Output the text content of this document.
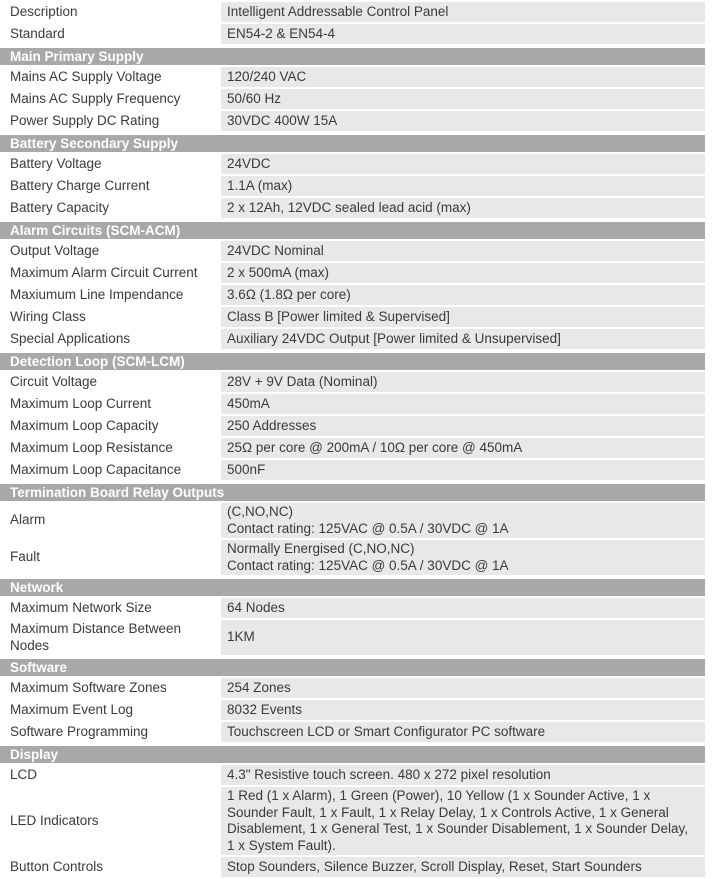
Description	Intelligent Addressable Control Panel

Standard	EN54-2 & EN54-4

Main Primary Supply	
Mains AC Supply Voltage	120/240 VAC

Mains AC Supply Frequency	50/60 Hz

Power Supply DC Rating	30VDC 400W 15A

Battery Secondary Supply	
Battery Voltage	24VDC

Battery Charge Current	1.1A (max)

Battery Capacity	2 x 12Ah, 12VDC sealed lead acid (max)

Alarm Circuits (SCM-ACM)	
Output Voltage	24VDC Nominal

Maximum Alarm Circuit Current	2 x 500mA (max)

Maxiumum Line Impendance	3.6Ω (1.8Ω per core)

Wiring Class	Class B [Power limited & Supervised]

Special Applications	Auxiliary 24VDC Output [Power limited & Unsupervised]

Detection Loop (SCM-LCM)	
Circuit Voltage	28V + 9V Data (Nominal)

Maximum Loop Current	450mA

Maximum Loop Capacity	250 Addresses

Maximum Loop Resistance	25Ω per core @ 200mA / 10Ω per core @ 450mA

Maximum Loop Capacitance	500nF

Termination Board Relay Outputs	
Alarm	(C,NO,NC)
Contact rating: 125VAC @ 0.5A / 30VDC @ 1A

Fault	Normally Energised (C,NO,NC)
Contact rating: 125VAC @ 0.5A / 30VDC @ 1A

Network	
Maximum Network Size	64 Nodes

Maximum Distance Between Nodes	1KM

Software	
Maximum Software Zones	254 Zones

Maximum Event Log	8032 Events

Software Programming	Touchscreen LCD or Smart Configurator PC software

Display	
LCD	4.3" Resistive touch screen. 480 x 272 pixel resolution

LED Indicators	1 Red (1 x Alarm), 1 Green (Power), 10 Yellow (1 x Sounder Active, 1 x Sounder Fault, 1 x Fault, 1 x Relay Delay, 1 x Controls Active, 1 x General Disablement, 1 x General Test, 1 x Sounder Disablement, 1 x Sounder Delay, 1 x System Fault).

Button Controls	Stop Sounders, Silence Buzzer, Scroll Display, Reset, Start Sounders
